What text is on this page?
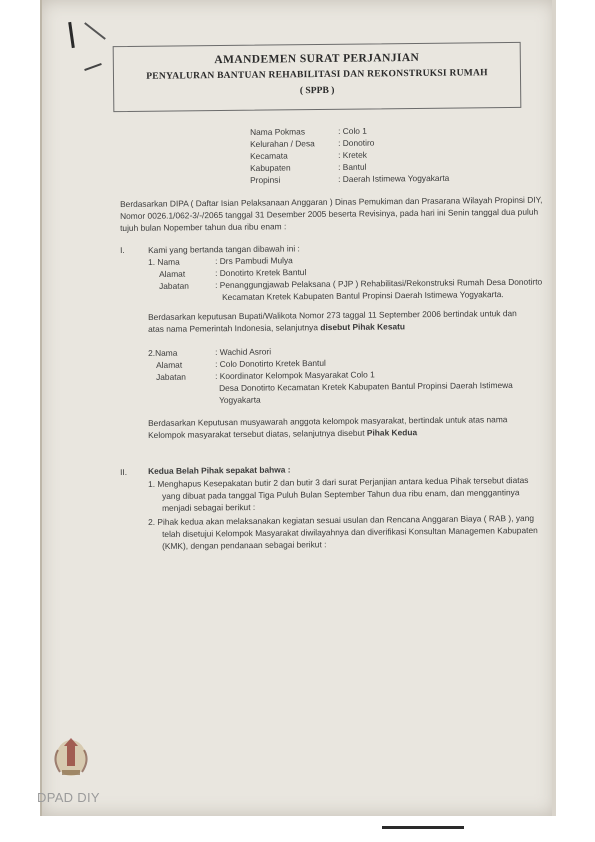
AMANDEMEN SURAT PERJANJIAN
PENYALURAN BANTUAN REHABILITASI DAN REKONSTRUKSI RUMAH
( SPPB )
Nama Pokmas	: Colo 1
Kelurahan / Desa	: Donotiro
Kecamata	: Kretek
Kabupaten	: Bantul
Propinsi	: Daerah Istimewa Yogyakarta
Berdasarkan DIPA ( Daftar Isian Pelaksanaan Anggaran ) Dinas Pemukiman dan Prasarana Wilayah Propinsi DIY,
Nomor 0026.1/062-3/-/2065 tanggal 31 Desember 2005 beserta Revisinya, pada hari ini Senin tanggal dua puluh
tujuh bulan Nopember tahun dua ribu enam :
I.	Kami yang bertanda tangan dibawah ini :
1. Nama	: Drs Pambudi Mulya
Alamat	: Donotirto Kretek Bantul
Jabatan	: Penanggungjawab Pelaksana ( PJP ) Rehabilitasi/Rekonstruksi Rumah Desa Donotirto
Kecamatan Kretek Kabupaten Bantul Propinsi Daerah Istimewa Yogyakarta.
Berdasarkan keputusan Bupati/Walikota Nomor 273 taggal 11 September 2006 bertindak untuk dan
atas nama Pemerintah Indonesia, selanjutnya disebut Pihak Kesatu
2.Nama	: Wachid Asrori
Alamat	: Colo Donotirto Kretek Bantul
Jabatan	: Koordinator Kelompok Masyarakat Colo 1
Desa Donotirto Kecamatan Kretek Kabupaten Bantul Propinsi Daerah Istimewa
Yogyakarta
Berdasarkan Keputusan musyawarah anggota kelompok masyarakat, bertindak untuk atas nama
Kelompok masyarakat tersebut diatas, selanjutnya disebut Pihak Kedua
II. Kedua Belah Pihak sepakat bahwa :
1. Menghapus Kesepakatan butir 2 dan butir 3 dari surat Perjanjian antara kedua Pihak tersebut diatas
yang dibuat pada tanggal Tiga Puluh Bulan September Tahun dua ribu enam, dan menggantinya
menjadi sebagai berikut :
2. Pihak kedua akan melaksanakan kegiatan sesuai usulan dan Rencana Anggaran Biaya ( RAB ), yang
telah disetujui Kelompok Masyarakat diwilayahnya dan diverifikasi Konsultan Managemen Kabupaten
(KMK), dengan pendanaan sebagai berikut :
DPAD DIY
